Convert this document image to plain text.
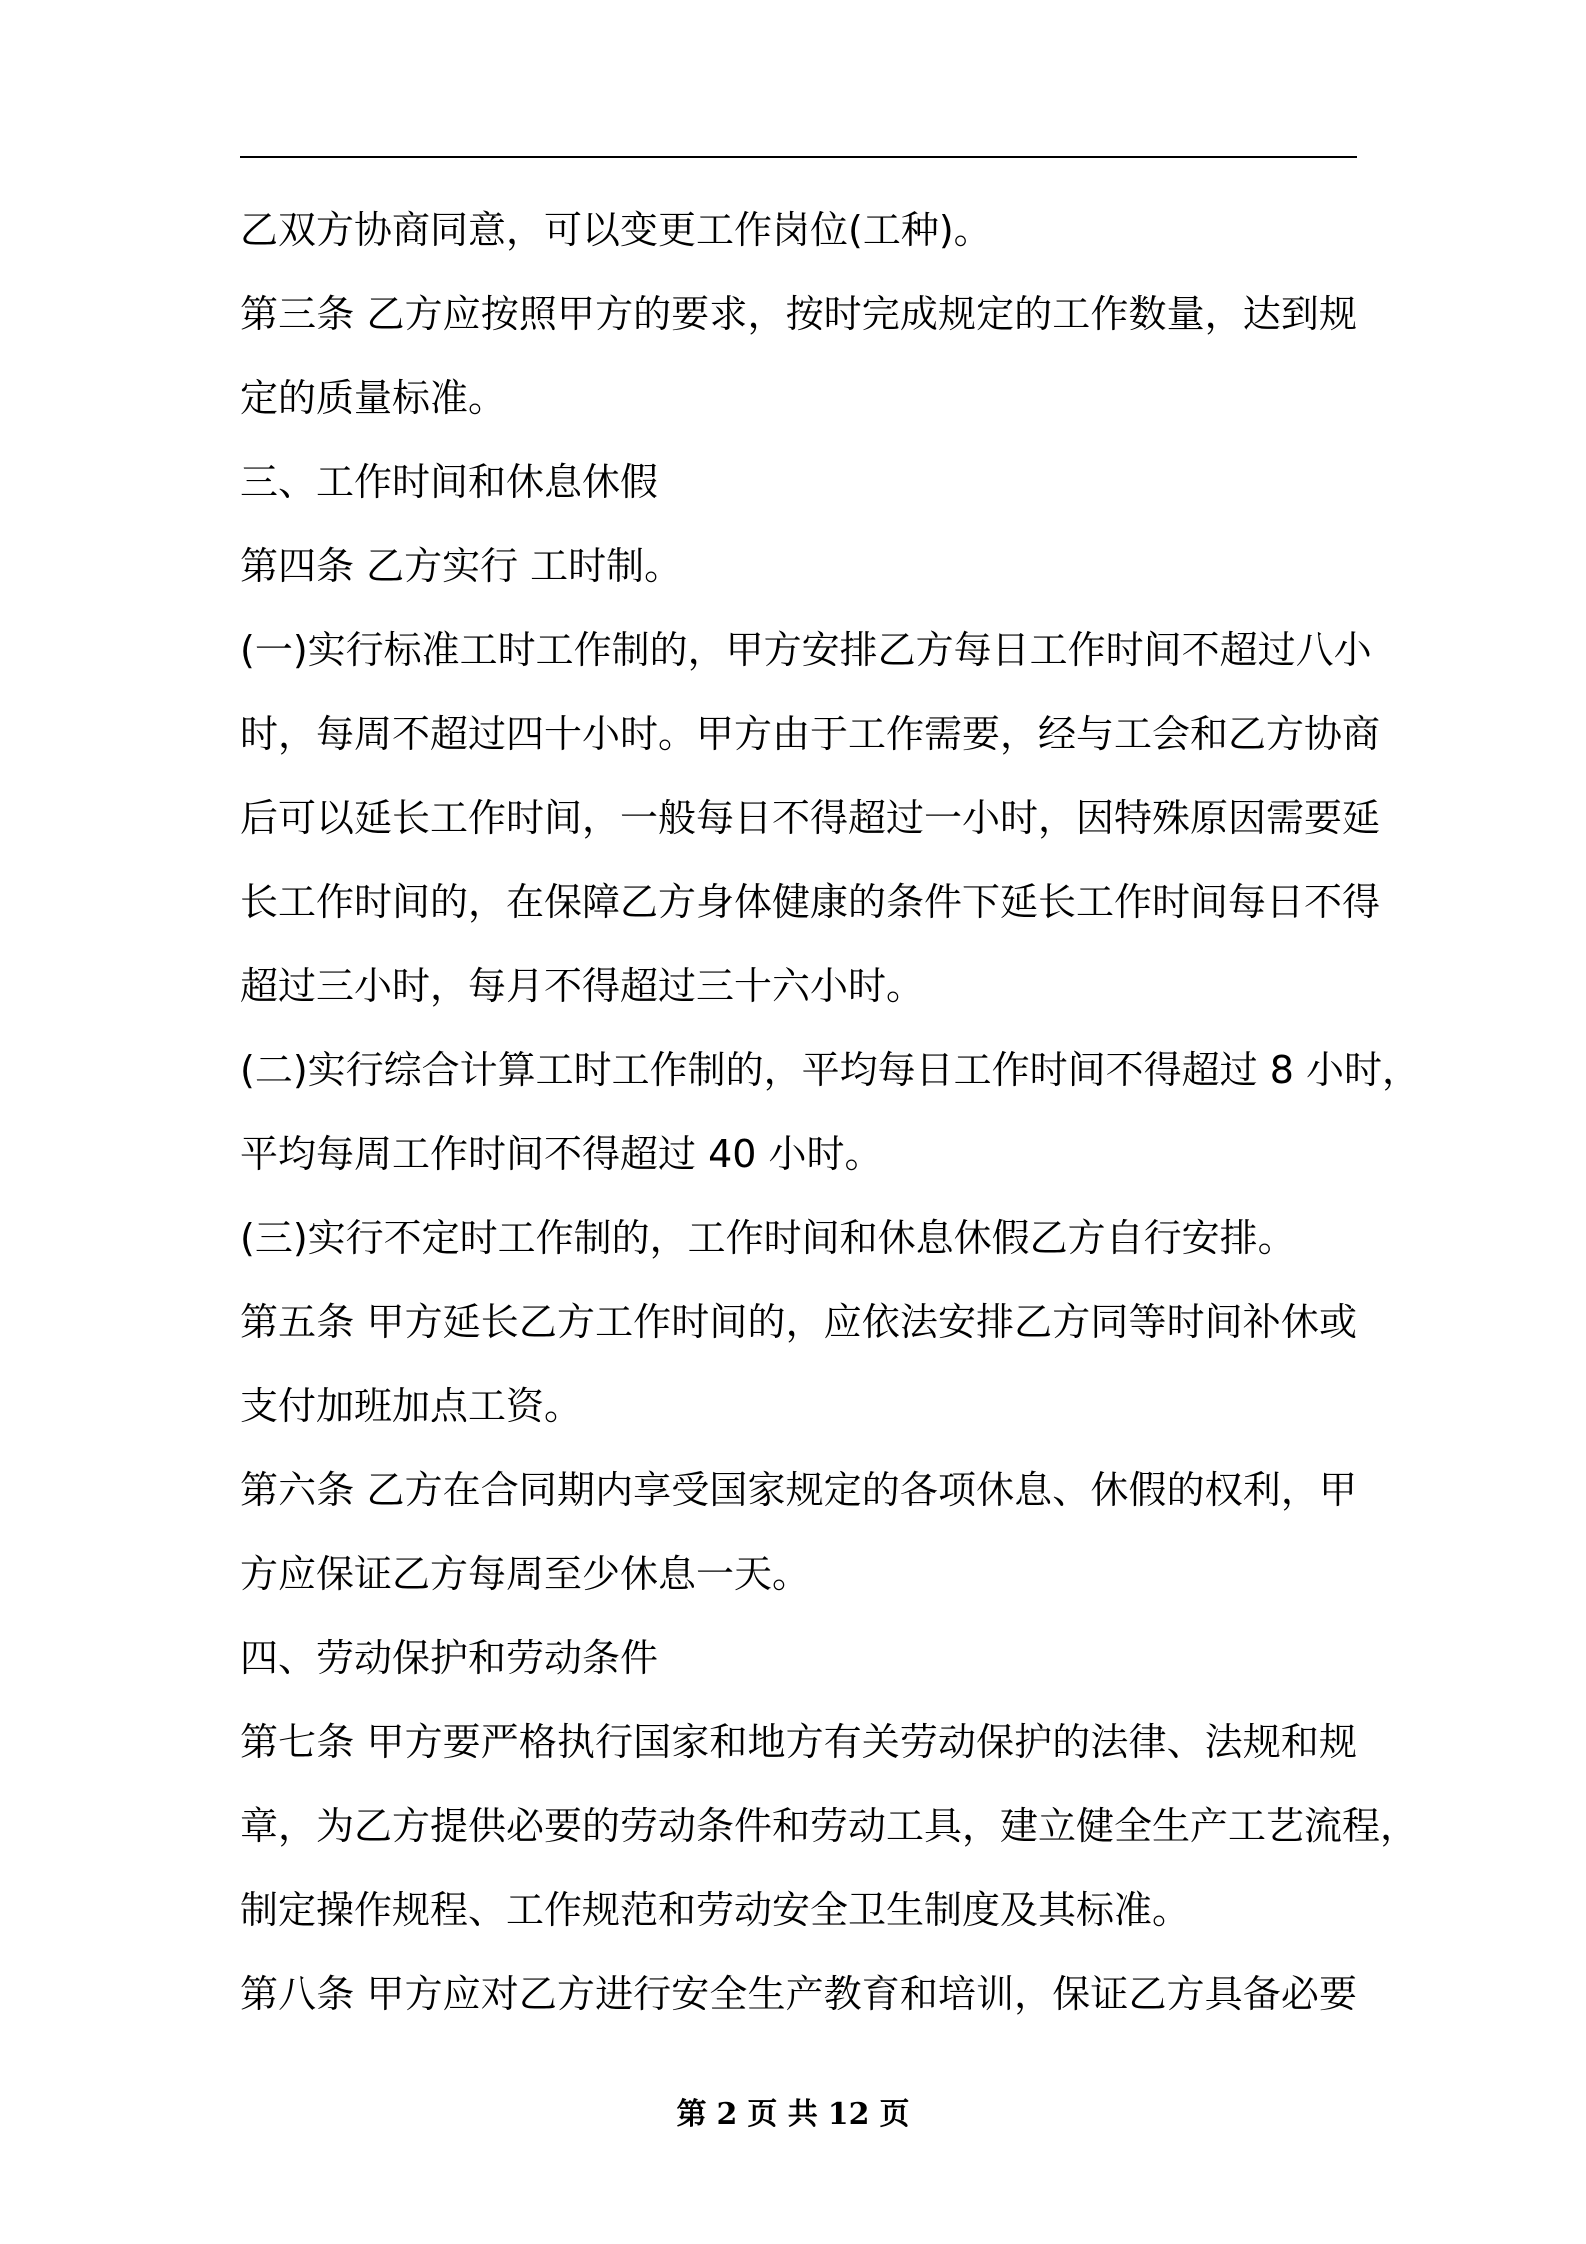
乙双方协商同意，可以变更工作岗位(工种)。
第三条 乙方应按照甲方的要求，按时完成规定的工作数量，达到规
定的质量标准。
三、工作时间和休息休假
第四条 乙方实行 工时制。
(一)实行标准工时工作制的，甲方安排乙方每日工作时间不超过八小
时，每周不超过四十小时。甲方由于工作需要，经与工会和乙方协商
后可以延长工作时间，一般每日不得超过一小时，因特殊原因需要延
长工作时间的，在保障乙方身体健康的条件下延长工作时间每日不得
超过三小时，每月不得超过三十六小时。
(二)实行综合计算工时工作制的，平均每日工作时间不得超过 8 小时，
平均每周工作时间不得超过 40 小时。
(三)实行不定时工作制的，工作时间和休息休假乙方自行安排。
第五条 甲方延长乙方工作时间的，应依法安排乙方同等时间补休或
支付加班加点工资。
第六条 乙方在合同期内享受国家规定的各项休息、休假的权利，甲
方应保证乙方每周至少休息一天。
四、劳动保护和劳动条件
第七条 甲方要严格执行国家和地方有关劳动保护的法律、法规和规
章，为乙方提供必要的劳动条件和劳动工具，建立健全生产工艺流程，
制定操作规程、工作规范和劳动安全卫生制度及其标准。
第八条 甲方应对乙方进行安全生产教育和培训，保证乙方具备必要
第 2 页 共 12 页
